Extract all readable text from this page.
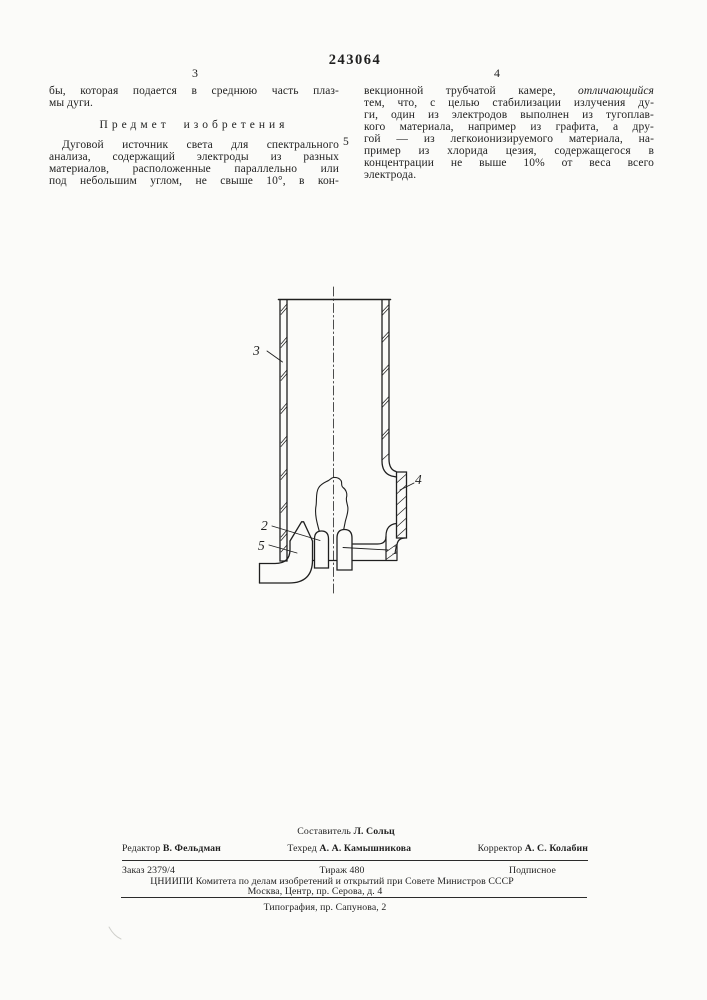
243064
3	4
бы, которая подается в среднюю часть плаз-
мы дуги.
Предмет изобретения
Дуговой источник света для спектрального
анализа, содержащий электроды из разных
материалов, расположенные параллельно или
под небольшим углом, не свыше 10°, в кон-
5
векционной трубчатой камере, отличающийся
тем, что, с целью стабилизации излучения ду-
ги, один из электродов выполнен из тугоплав-
кого материала, например из графита, а дру-
гой — из легкоионизируемого материала, на-
пример из хлорида цезия, содержащегося в
концентрации не выше 10% от веса всего
электрода.
3
4
2
5	1
Составитель Л. Сольц
Редактор В. Фельдман	Техред А. А. Камышникова	Корректор А. С. Колабин
Заказ 2379/4	Тираж 480	Подписное
ЦНИИПИ Комитета по делам изобретений и открытий при Совете Министров СССР
Москва, Центр, пр. Серова, д. 4
Типография, пр. Сапунова, 2
